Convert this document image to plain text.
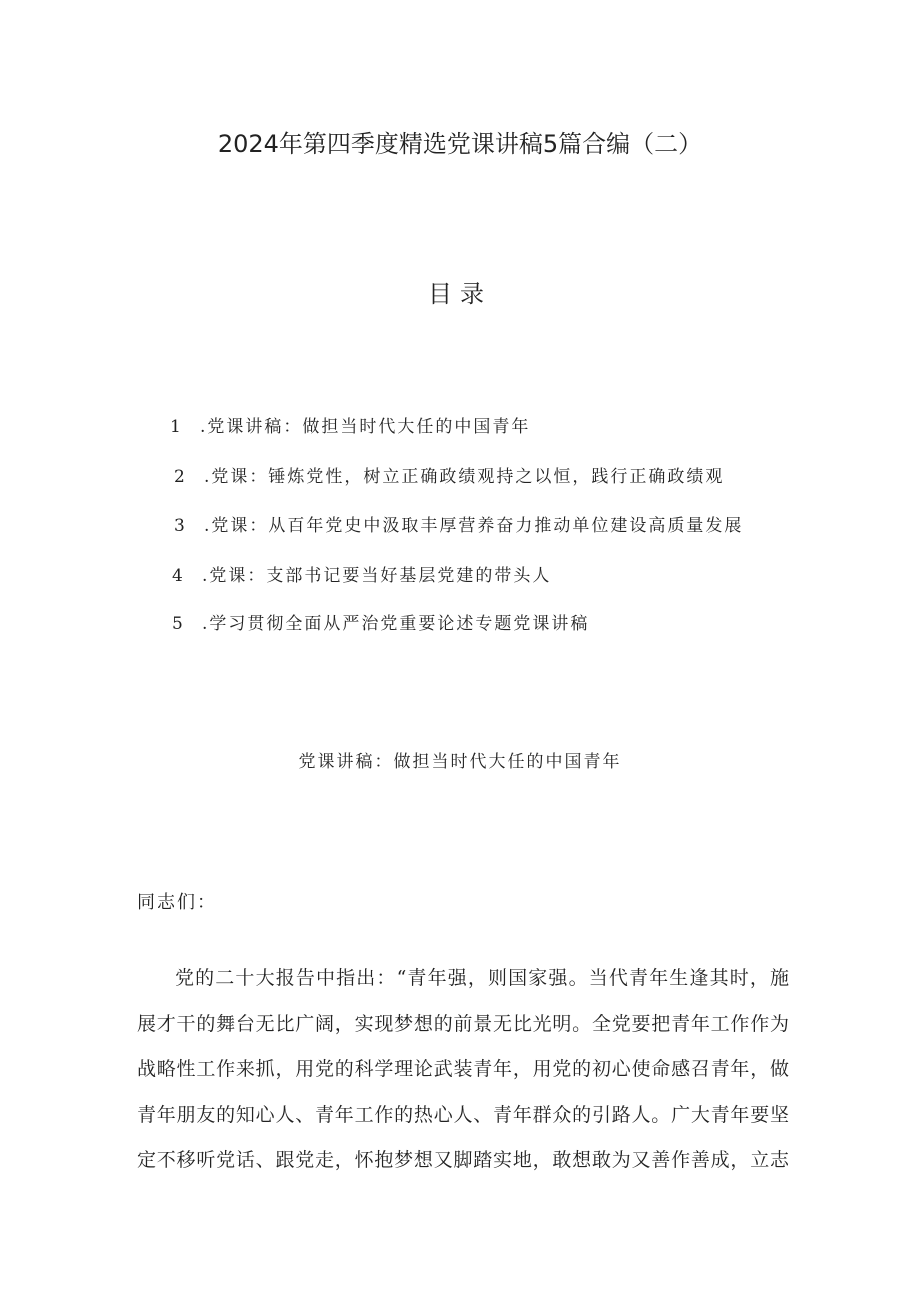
2024年第四季度精选党课讲稿5篇合编（二）
目录
1 .党课讲稿：做担当时代大任的中国青年
2 .党课：锤炼党性，树立正确政绩观持之以恒，践行正确政绩观
3 .党课：从百年党史中汲取丰厚营养奋力推动单位建设高质量发展
4 .党课：支部书记要当好基层党建的带头人
5 .学习贯彻全面从严治党重要论述专题党课讲稿
党课讲稿：做担当时代大任的中国青年
同志们：
党的二十大报告中指出：“青年强，则国家强。当代青年生逢其时，施
展才干的舞台无比广阔，实现梦想的前景无比光明。全党要把青年工作作为
战略性工作来抓，用党的科学理论武装青年，用党的初心使命感召青年，做
青年朋友的知心人、青年工作的热心人、青年群众的引路人。广大青年要坚
定不移听党话、跟党走，怀抱梦想又脚踏实地，敢想敢为又善作善成，立志
